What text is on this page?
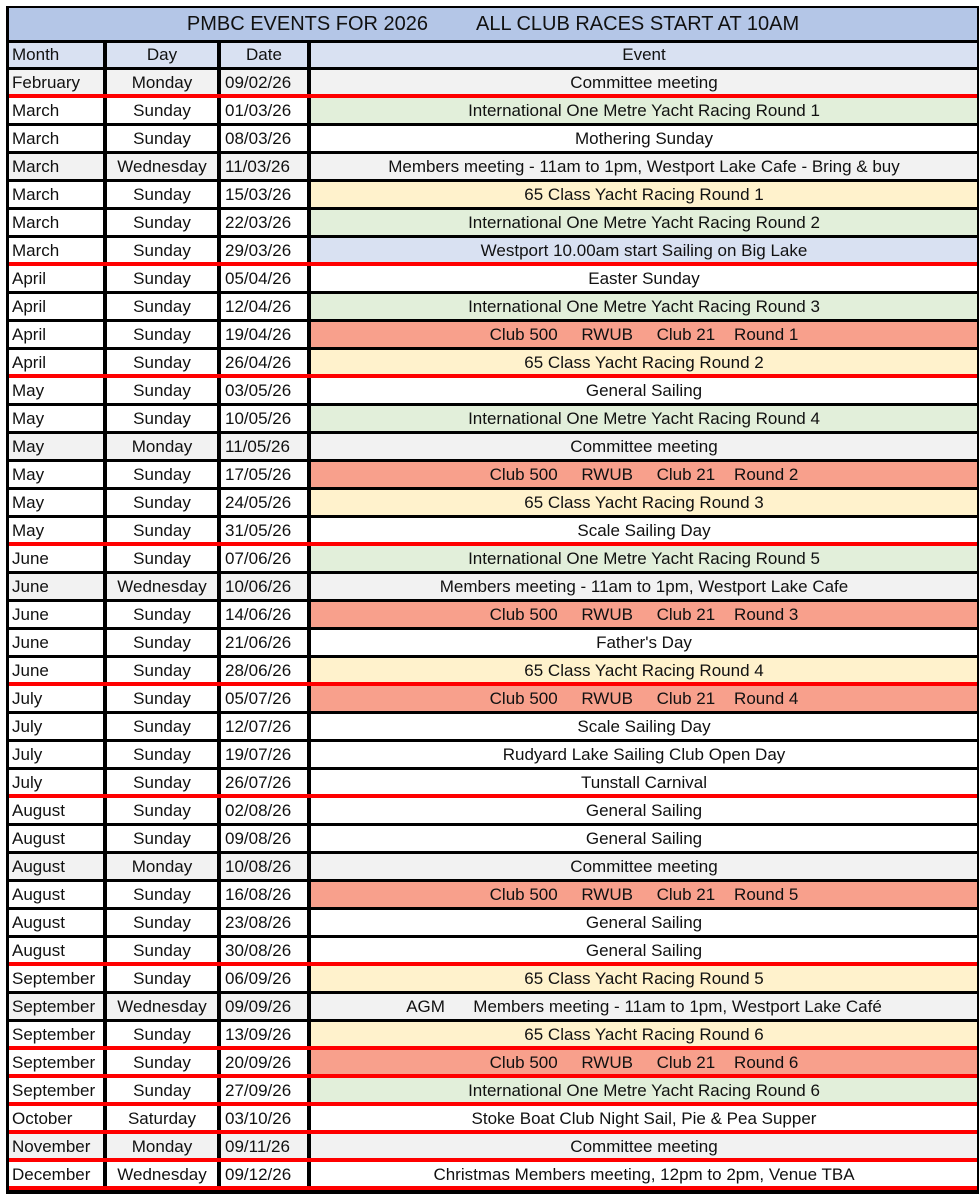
PMBC EVENTS FOR 2026 ALL CLUB RACES START AT 10AM
Month	Day	Date	Event
February	Monday	09/02/26	Committee meeting
March	Sunday	01/03/26	International One Metre Yacht Racing Round 1
March	Sunday	08/03/26	Mothering Sunday
March	Wednesday	11/03/26	Members meeting - 11am to 1pm, Westport Lake Cafe - Bring & buy
March	Sunday	15/03/26	65 Class Yacht Racing Round 1
March	Sunday	22/03/26	International One Metre Yacht Racing Round 2
March	Sunday	29/03/26	Westport 10.00am start Sailing on Big Lake
April	Sunday	05/04/26	Easter Sunday
April	Sunday	12/04/26	International One Metre Yacht Racing Round 3
April	Sunday	19/04/26	Club 500     RWUB     Club 21    Round 1
April	Sunday	26/04/26	65 Class Yacht Racing Round 2
May	Sunday	03/05/26	General Sailing
May	Sunday	10/05/26	International One Metre Yacht Racing Round 4
May	Monday	11/05/26	Committee meeting
May	Sunday	17/05/26	Club 500     RWUB     Club 21    Round 2
May	Sunday	24/05/26	65 Class Yacht Racing Round 3
May	Sunday	31/05/26	Scale Sailing Day
June	Sunday	07/06/26	International One Metre Yacht Racing Round 5
June	Wednesday	10/06/26	Members meeting - 11am to 1pm, Westport Lake Cafe
June	Sunday	14/06/26	Club 500     RWUB     Club 21    Round 3
June	Sunday	21/06/26	Father's Day
June	Sunday	28/06/26	65 Class Yacht Racing Round 4
July	Sunday	05/07/26	Club 500     RWUB     Club 21    Round 4
July	Sunday	12/07/26	Scale Sailing Day
July	Sunday	19/07/26	Rudyard Lake Sailing Club Open Day
July	Sunday	26/07/26	Tunstall Carnival
August	Sunday	02/08/26	General Sailing
August	Sunday	09/08/26	General Sailing
August	Monday	10/08/26	Committee meeting
August	Sunday	16/08/26	Club 500     RWUB     Club 21    Round 5
August	Sunday	23/08/26	General Sailing
August	Sunday	30/08/26	General Sailing
September	Sunday	06/09/26	65 Class Yacht Racing Round 5
September	Wednesday	09/09/26	AGM      Members meeting - 11am to 1pm, Westport Lake Café
September	Sunday	13/09/26	65 Class Yacht Racing Round 6
September	Sunday	20/09/26	Club 500     RWUB     Club 21    Round 6
September	Sunday	27/09/26	International One Metre Yacht Racing Round 6
October	Saturday	03/10/26	Stoke Boat Club Night Sail, Pie & Pea Supper
November	Monday	09/11/26	Committee meeting
December	Wednesday	09/12/26	Christmas Members meeting, 12pm to 2pm, Venue TBA
